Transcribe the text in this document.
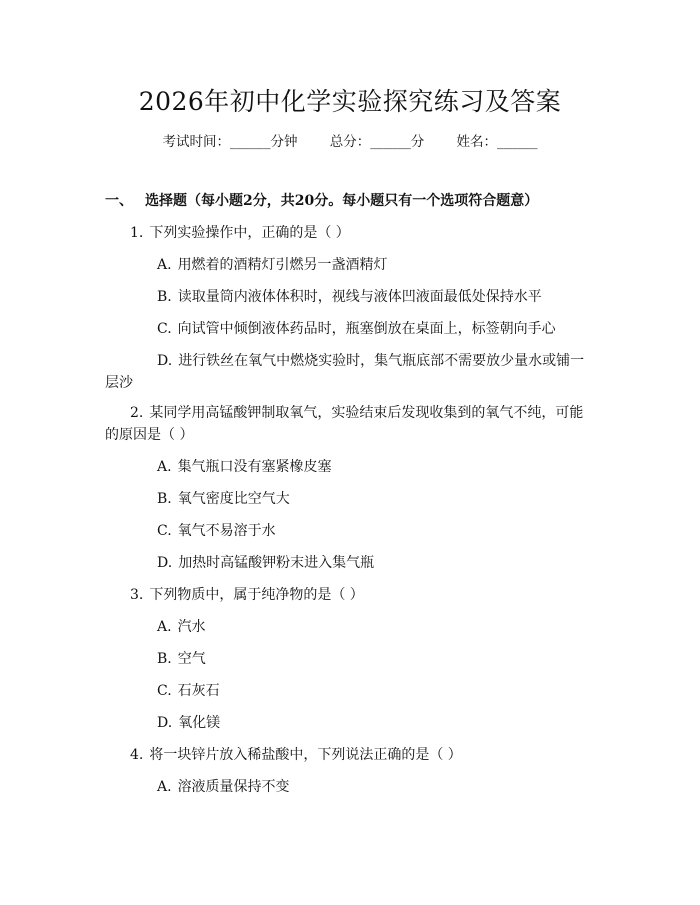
2026年初中化学实验探究练习及答案
考试时间：______分钟 总分：______分 姓名：______
一、 选择题（每小题2分，共20分。每小题只有一个选项符合题意）
1. 下列实验操作中，正确的是（ ）
A. 用燃着的酒精灯引燃另一盏酒精灯
B. 读取量筒内液体体积时，视线与液体凹液面最低处保持水平
C. 向试管中倾倒液体药品时，瓶塞倒放在桌面上，标签朝向手心
D. 进行铁丝在氧气中燃烧实验时，集气瓶底部不需要放少量水或铺一层沙
2. 某同学用高锰酸钾制取氧气，实验结束后发现收集到的氧气不纯，可能的原因是（ ）
A. 集气瓶口没有塞紧橡皮塞
B. 氧气密度比空气大
C. 氧气不易溶于水
D. 加热时高锰酸钾粉末进入集气瓶
3. 下列物质中，属于纯净物的是（ ）
A. 汽水
B. 空气
C. 石灰石
D. 氧化镁
4. 将一块锌片放入稀盐酸中，下列说法正确的是（ ）
A. 溶液质量保持不变
